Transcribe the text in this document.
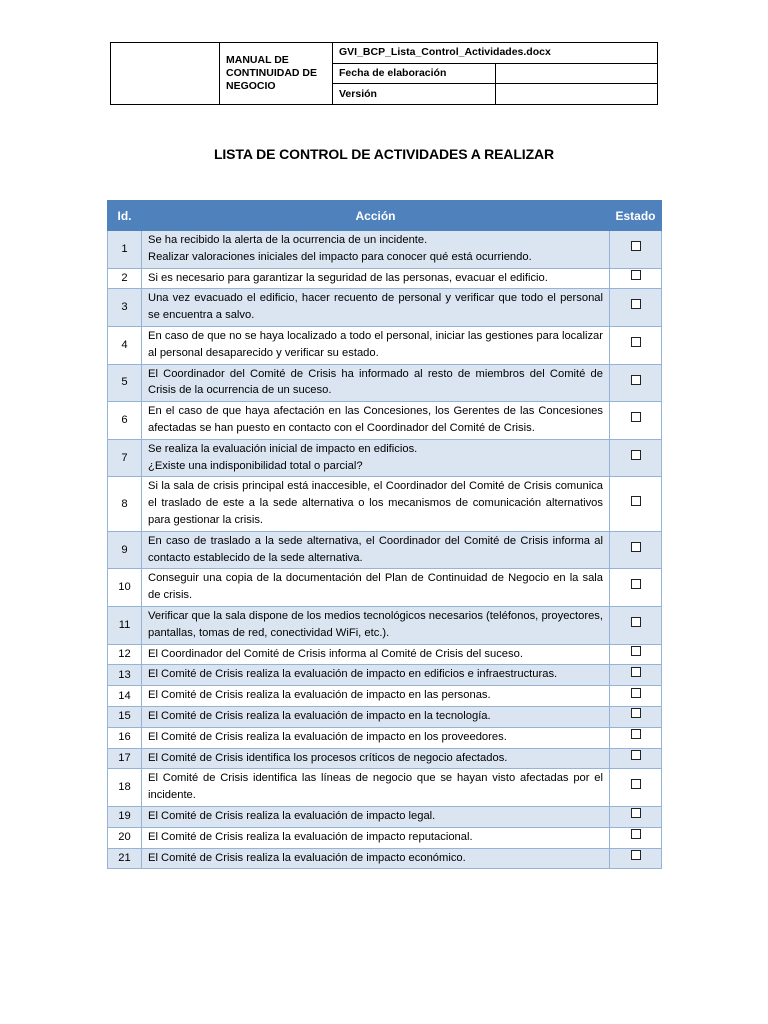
	MANUAL DE CONTINUIDAD DE NEGOCIO	GVI_BCP_Lista_Control_Actividades.docx	
		Fecha de elaboración	
		Versión	
LISTA DE CONTROL DE ACTIVIDADES A REALIZAR
Id.	Acción	Estado
1	Se ha recibido la alerta de la ocurrencia de un incidente.
Realizar valoraciones iniciales del impacto para conocer qué está ocurriendo.	

2	Si es necesario para garantizar la seguridad de las personas, evacuar el edificio.	

3	Una vez evacuado el edificio, hacer recuento de personal y verificar que todo el personal se encuentra a salvo.	

4	En caso de que no se haya localizado a todo el personal, iniciar las gestiones para localizar al personal desaparecido y verificar su estado.	

5	El Coordinador del Comité de Crisis ha informado al resto de miembros del Comité de Crisis de la ocurrencia de un suceso.	

6	En el caso de que haya afectación en las Concesiones, los Gerentes de las Concesiones afectadas se han puesto en contacto con el Coordinador del Comité de Crisis.	

7	Se realiza la evaluación inicial de impacto en edificios.
¿Existe una indisponibilidad total o parcial?	

8	Si la sala de crisis principal está inaccesible, el Coordinador del Comité de Crisis comunica el traslado de este a la sede alternativa o los mecanismos de comunicación alternativos para gestionar la crisis.	

9	En caso de traslado a la sede alternativa, el Coordinador del Comité de Crisis informa al contacto establecido de la sede alternativa.	

10	Conseguir una copia de la documentación del Plan de Continuidad de Negocio en la sala de crisis.	

11	Verificar que la sala dispone de los medios tecnológicos necesarios (teléfonos, proyectores, pantallas, tomas de red, conectividad WiFi, etc.).	

12	El Coordinador del Comité de Crisis informa al Comité de Crisis del suceso.	

13	El Comité de Crisis realiza la evaluación de impacto en edificios e infraestructuras.	

14	El Comité de Crisis realiza la evaluación de impacto en las personas.	

15	El Comité de Crisis realiza la evaluación de impacto en la tecnología.	

16	El Comité de Crisis realiza la evaluación de impacto en los proveedores.	

17	El Comité de Crisis identifica los procesos críticos de negocio afectados.	

18	El Comité de Crisis identifica las líneas de negocio que se hayan visto afectadas por el incidente.	

19	El Comité de Crisis realiza la evaluación de impacto legal.	

20	El Comité de Crisis realiza la evaluación de impacto reputacional.	

21	El Comité de Crisis realiza la evaluación de impacto económico.	
